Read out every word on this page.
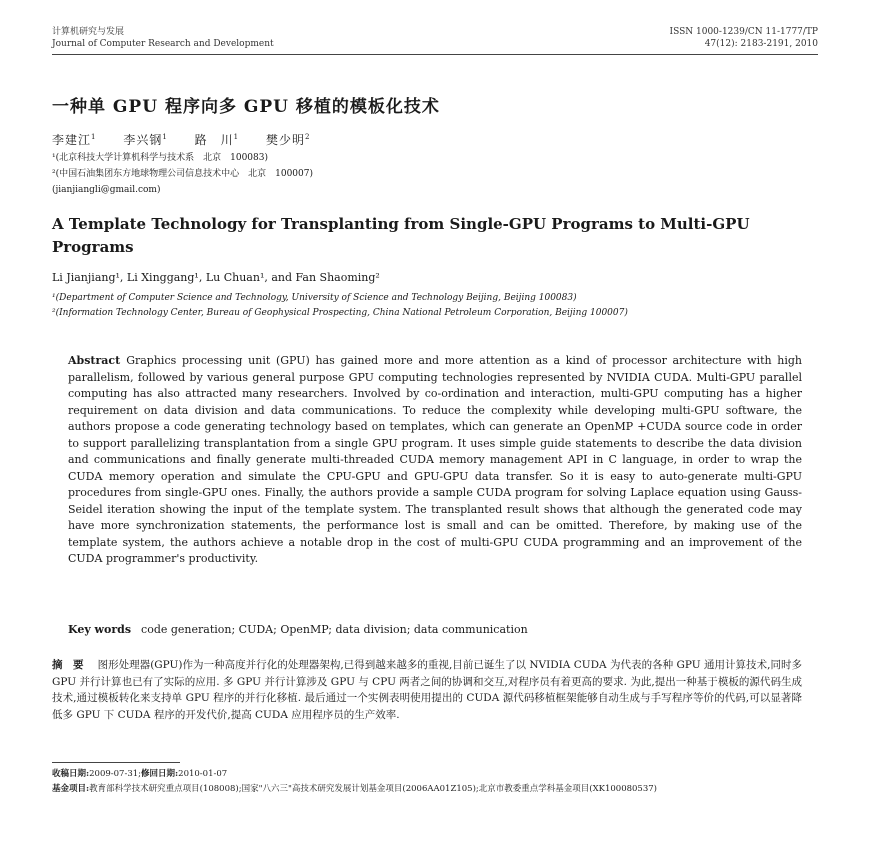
计算机研究与发展
Journal of Computer Research and Development
ISSN 1000-1239/CN 11-1777/TP
47(12): 2183-2191, 2010
一种单 GPU 程序向多 GPU 移植的模板化技术
李建江$^1$ 李兴钢$^1$ 路　川$^1$ 樊少明$^2$
¹(北京科技大学计算机科学与技术系　北京　100083)
²(中国石油集团东方地球物理公司信息技术中心　北京　100007)
(jianjiangli@gmail.com)
A Template Technology for Transplanting from Single-GPU Programs to Multi-GPU Programs
Li Jianjiang¹, Li Xinggang¹, Lu Chuan¹, and Fan Shaoming²
¹(Department of Computer Science and Technology, University of Science and Technology Beijing, Beijing 100083)
²(Information Technology Center, Bureau of Geophysical Prospecting, China National Petroleum Corporation, Beijing 100007)
Abstract Graphics processing unit (GPU) has gained more and more attention as a kind of processor architecture with high parallelism, followed by various general purpose GPU computing technologies represented by NVIDIA CUDA. Multi-GPU parallel computing has also attracted many researchers. Involved by co-ordination and interaction, multi-GPU computing has a higher requirement on data division and data communications. To reduce the complexity while developing multi-GPU software, the authors propose a code generating technology based on templates, which can generate an OpenMP +CUDA source code in order to support parallelizing transplantation from a single GPU program. It uses simple guide statements to describe the data division and communications and finally generate multi-threaded CUDA memory management API in C language, in order to wrap the CUDA memory operation and simulate the CPU-GPU and GPU-GPU data transfer. So it is easy to auto-generate multi-GPU procedures from single-GPU ones. Finally, the authors provide a sample CUDA program for solving Laplace equation using Gauss-Seidel iteration showing the input of the template system. The transplanted result shows that although the generated code may have more synchronization statements, the performance lost is small and can be omitted. Therefore, by making use of the template system, the authors achieve a notable drop in the cost of multi-GPU CUDA programming and an improvement of the CUDA programmer's productivity.
Key words code generation; CUDA; OpenMP; data division; data communication
摘　要 图形处理器(GPU)作为一种高度并行化的处理器架构,已得到越来越多的重视,目前已诞生了以 NVIDIA CUDA 为代表的各种 GPU 通用计算技术,同时多 GPU 并行计算也已有了实际的应用. 多 GPU 并行计算涉及 GPU 与 CPU 两者之间的协调和交互,对程序员有着更高的要求. 为此,提出一种基于模板的源代码生成技术,通过模板转化来支持单 GPU 程序的并行化移植. 最后通过一个实例表明使用提出的 CUDA 源代码移植框架能够自动生成与手写程序等价的代码,可以显著降低多 GPU 下 CUDA 程序的开发代价,提高 CUDA 应用程序员的生产效率.
收稿日期:2009-07-31;修回日期:2010-01-07
基金项目:教育部科学技术研究重点项目(108008);国家"八六三"高技术研究发展计划基金项目(2006AA01Z105);北京市教委重点学科基金项目(XK100080537)
